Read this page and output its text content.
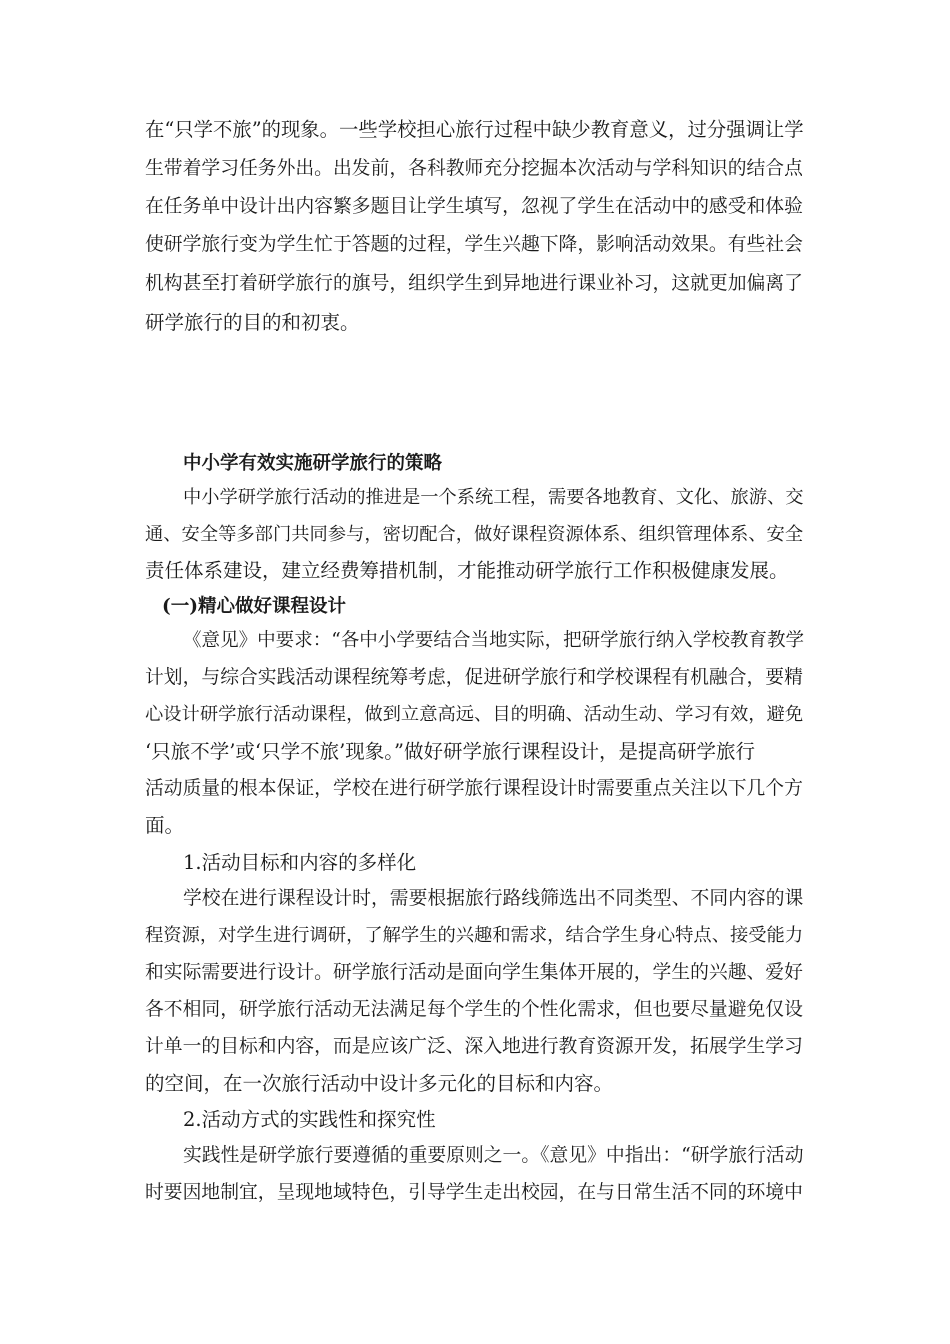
在“只学不旅”的现象。一些学校担心旅行过程中缺少教育意义，过分强调让学
生带着学习任务外出。出发前，各科教师充分挖掘本次活动与学科知识的结合点
在任务单中设计出内容繁多题目让学生填写，忽视了学生在活动中的感受和体验
使研学旅行变为学生忙于答题的过程，学生兴趣下降，影响活动效果。有些社会
机构甚至打着研学旅行的旗号，组织学生到异地进行课业补习，这就更加偏离了
研学旅行的目的和初衷。
中小学有效实施研学旅行的策略
中小学研学旅行活动的推进是一个系统工程，需要各地教育、文化、旅游、交
通、安全等多部门共同参与，密切配合，做好课程资源体系、组织管理体系、安全
责任体系建设，建立经费筹措机制，才能推动研学旅行工作积极健康发展。
(一)精心做好课程设计
《意见》中要求：“各中小学要结合当地实际，把研学旅行纳入学校教育教学
计划，与综合实践活动课程统筹考虑，促进研学旅行和学校课程有机融合，要精
心设计研学旅行活动课程，做到立意高远、目的明确、活动生动、学习有效，避免
‘只旅不学’或‘只学不旅’现象。”做好研学旅行课程设计，是提高研学旅行
活动质量的根本保证，学校在进行研学旅行课程设计时需要重点关注以下几个方
面。
1.活动目标和内容的多样化
学校在进行课程设计时，需要根据旅行路线筛选出不同类型、不同内容的课
程资源，对学生进行调研，了解学生的兴趣和需求，结合学生身心特点、接受能力
和实际需要进行设计。研学旅行活动是面向学生集体开展的，学生的兴趣、爱好
各不相同，研学旅行活动无法满足每个学生的个性化需求，但也要尽量避免仅设
计单一的目标和内容，而是应该广泛、深入地进行教育资源开发，拓展学生学习
的空间，在一次旅行活动中设计多元化的目标和内容。
2.活动方式的实践性和探究性
实践性是研学旅行要遵循的重要原则之一。《意见》中指出：“研学旅行活动
时要因地制宜，呈现地域特色，引导学生走出校园，在与日常生活不同的环境中
